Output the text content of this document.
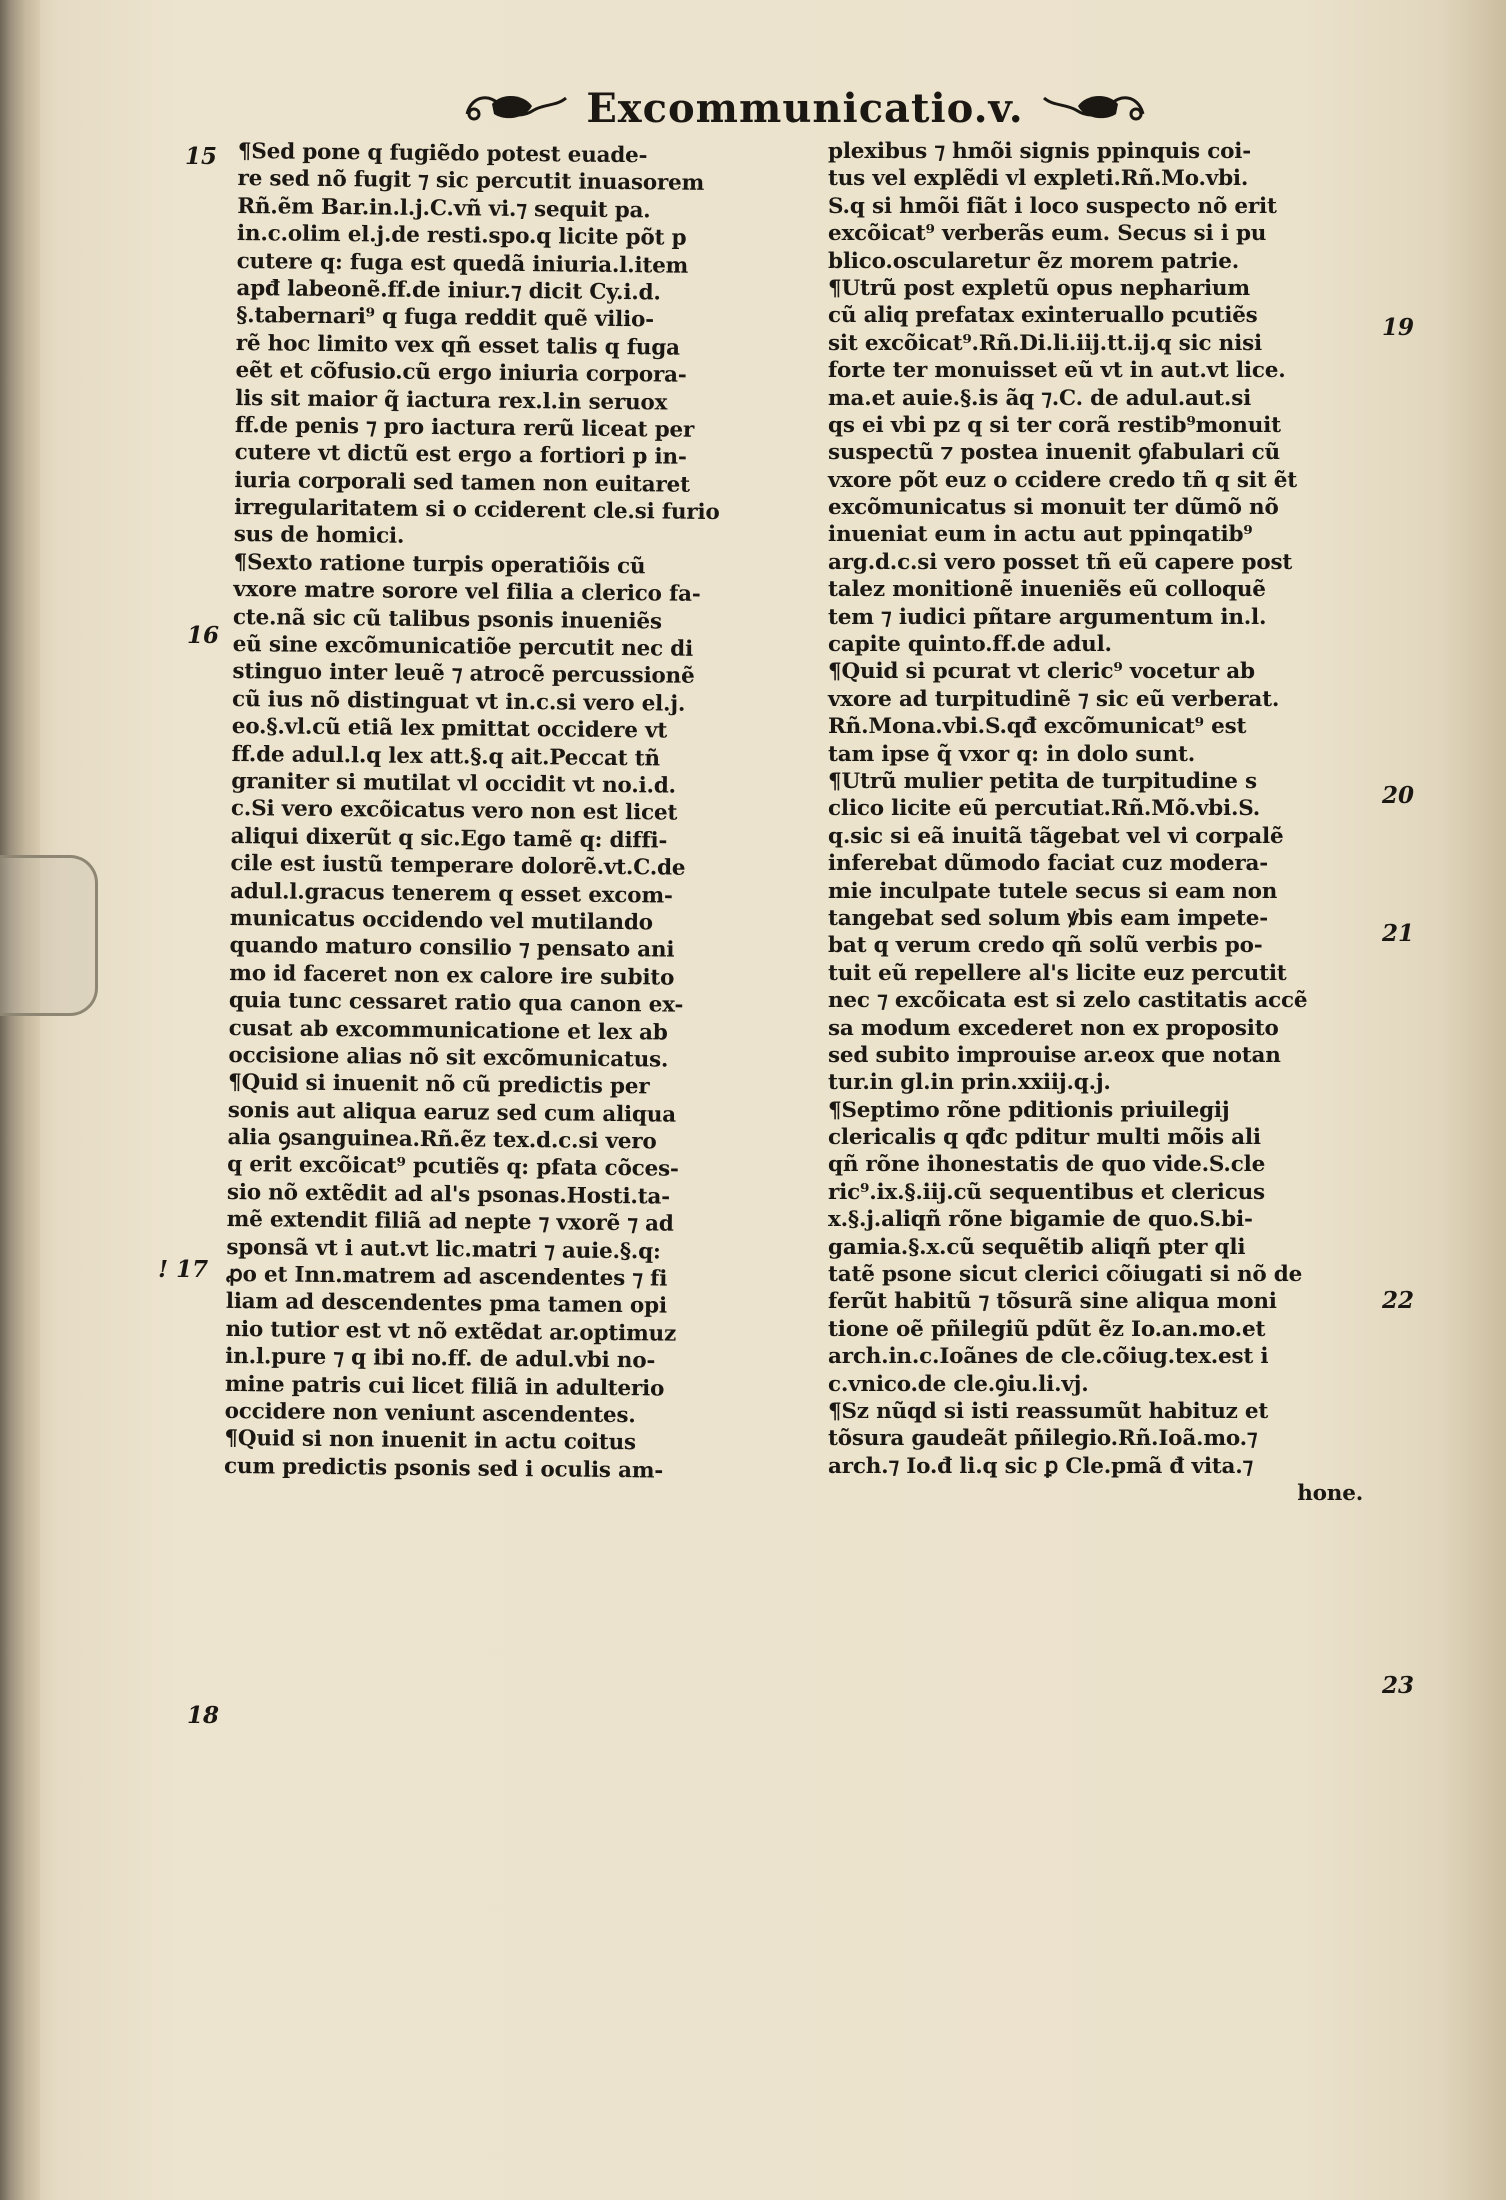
Excommunicatio.v.
15
16
! 17
18
19
20
21
22
23
¶Sed pone q fugiẽdo potest euade-
re sed nõ fugit ⁊ sic percutit inuasorem
Rñ.ẽm Bar.in.l.j.C.vñ vi.⁊ sequit pa.
in.c.olim el.j.de resti.spo.q licite põt p
cutere q: fuga est quedã iniuria.l.item
apđ labeonẽ.ff.de iniur.⁊ dicit Cy.i.d.
§.tabernari⁹ q fuga reddit quẽ vilio-
rẽ hoc limito vex qñ esset talis q fuga
eẽt et cõfusio.cũ ergo iniuria corpora-
lis sit maior q̃ iactura rex.l.in seruox
ff.de penis ⁊ pro iactura rerũ liceat per
cutere vt dictũ est ergo a fortiori p in-
iuria corporali sed tamen non euitaret
irregularitatem si o cciderent cle.si furio
sus de homici.
¶Sexto ratione turpis operatiõis cũ
vxore matre sorore vel filia a clerico fa-
cte.nã sic cũ talibus psonis inueniẽs
eũ sine excõmunicatiõe percutit nec di
stinguo inter leuẽ ⁊ atrocẽ percussionẽ
cũ ius nõ distinguat vt in.c.si vero el.j.
eo.§.vl.cũ etiã lex pmittat occidere vt
ff.de adul.l.q lex att.§.q ait.Peccat tñ
graniter si mutilat vl occidit vt no.i.d.
c.Si vero excõicatus vero non est licet
aliqui dixerũt q sic.Ego tamẽ q: diffi-
cile est iustũ temperare dolorẽ.vt.C.de
adul.l.gracus tenerem q esset excom-
municatus occidendo vel mutilando
quando maturo consilio ⁊ pensato ani
mo id faceret non ex calore ire subito
quia tunc cessaret ratio qua canon ex-
cusat ab excommunicatione et lex ab
occisione alias nõ sit excõmunicatus.
¶Quid si inuenit nõ cũ predictis per
sonis aut aliqua earuz sed cum aliqua
alia ꝯsanguinea.Rñ.ẽz tex.d.c.si vero
q erit excõicat⁹ pcutiẽs q: pfata cõces-
sio nõ extẽdit ad al's psonas.Hosti.ta-
mẽ extendit filiã ad nepte ⁊ vxorẽ ⁊ ad
sponsã vt i aut.vt lic.matri ⁊ auie.§.q:
ꝓo et Inn.matrem ad ascendentes ⁊ fi
liam ad descendentes pma tamen opi
nio tutior est vt nõ extẽdat ar.optimuz
in.l.pure ⁊ q ibi no.ff. de adul.vbi no-
mine patris cui licet filiã in adulterio
occidere non veniunt ascendentes.
¶Quid si non inuenit in actu coitus
cum predictis psonis sed i oculis am-
plexibus ⁊ hmõi signis ppinquis coi-
tus vel explẽdi vl expleti.Rñ.Mo.vbi.
S.q si hmõi fiãt i loco suspecto nõ erit
excõicat⁹ verberãs eum. Secus si i pu
blico.oscularetur ẽz morem patrie.
¶Utrũ post expletũ opus nepharium
cũ aliq prefatax exinteruallo pcutiẽs
sit excõicat⁹.Rñ.Di.li.iij.tt.ij.q sic nisi
forte ter monuisset eũ vt in aut.vt lice.
ma.et auie.§.is ãq ⁊.C. de adul.aut.si
qs ei vbi pz q si ter corã restib⁹monuit
suspectũ ⁊ postea inuenit ꝯfabulari cũ
vxore põt euz o ccidere credo tñ q sit ẽt
excõmunicatus si monuit ter dũmõ nõ
inueniat eum in actu aut ppinqatib⁹
arg.d.c.si vero posset tñ eũ capere post
talez monitionẽ inueniẽs eũ colloquẽ
tem ⁊ iudici pñtare argumentum in.l.
capite quinto.ff.de adul.
¶Quid si pcurat vt cleric⁹ vocetur ab
vxore ad turpitudinẽ ⁊ sic eũ verberat.
Rñ.Mona.vbi.S.qđ excõmunicat⁹ est
tam ipse q̃ vxor q: in dolo sunt.
¶Utrũ mulier petita de turpitudine s
clico licite eũ percutiat.Rñ.Mõ.vbi.S.
q.sic si eã inuitã tãgebat vel vi corpalẽ
inferebat dũmodo faciat cuz modera-
mie inculpate tutele secus si eam non
tangebat sed solum ꝟbis eam impete-
bat q verum credo qñ solũ verbis po-
tuit eũ repellere al's licite euz percutit
nec ⁊ excõicata est si zelo castitatis accẽ
sa modum excederet non ex proposito
sed subito improuise ar.eox que notan
tur.in gl.in prin.xxiij.q.j.
¶Septimo rõne pditionis priuilegij
clericalis q qđc pditur multi mõis ali
qñ rõne ihonestatis de quo vide.S.cle
ric⁹.ix.§.iij.cũ sequentibus et clericus
x.§.j.aliqñ rõne bigamie de quo.S.bi-
gamia.§.x.cũ sequẽtib aliqñ pter qli
tatẽ psone sicut clerici cõiugati si nõ de
ferũt habitũ ⁊ tõsurã sine aliqua moni
tione oẽ pñilegiũ pdũt ẽz Io.an.mo.et
arch.in.c.Ioãnes de cle.cõiug.tex.est i
c.vnico.de cle.ꝯiu.li.vj.
¶Sz nũqd si isti reassumũt habituz et
tõsura gaudeãt pñilegio.Rñ.Ioã.mo.⁊
arch.⁊ Io.đ li.q sic ꝑ Cle.pmã đ vita.⁊
hone.
